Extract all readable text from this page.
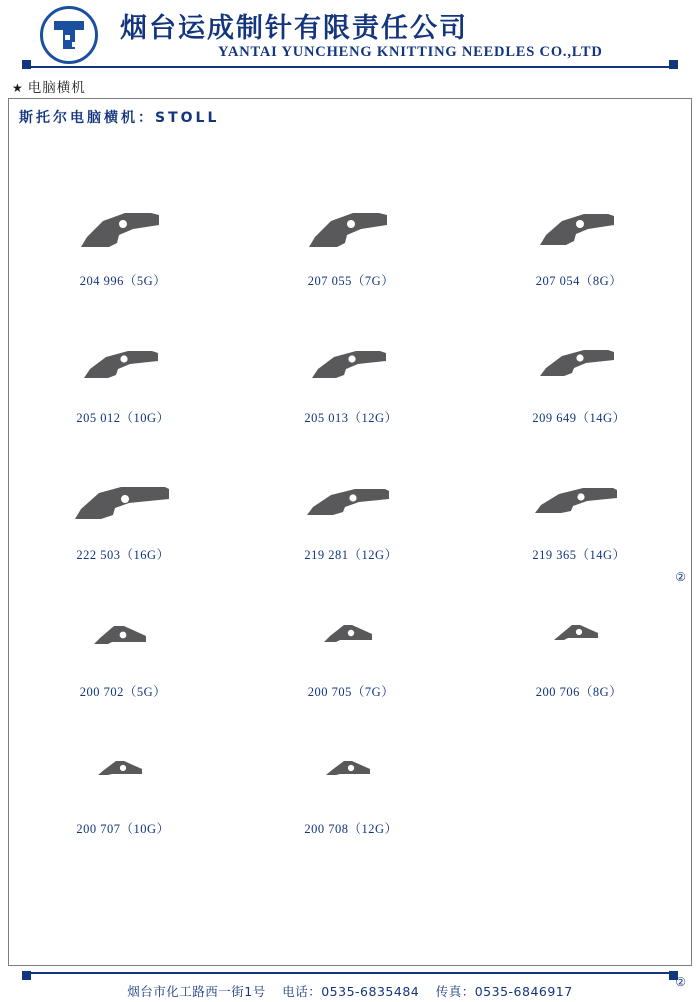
烟台运成制针有限责任公司
YANTAI YUNCHENG KNITTING NEEDLES CO.,LTD
★ 电脑横机
斯托尔电脑横机：STOLL
204 996（5G）	207 055（7G）	207 054（8G）
205 012（10G）	205 013（12G）	209 649（14G）
222 503（16G）	219 281（12G）	219 365（14G）
200 702（5G）	200 705（7G）	200 706（8G）
200 707（10G）	200 708（12G）
②
烟台市化工路西一街1号 电话：0535-6835484 传真：0535-6846917
②
